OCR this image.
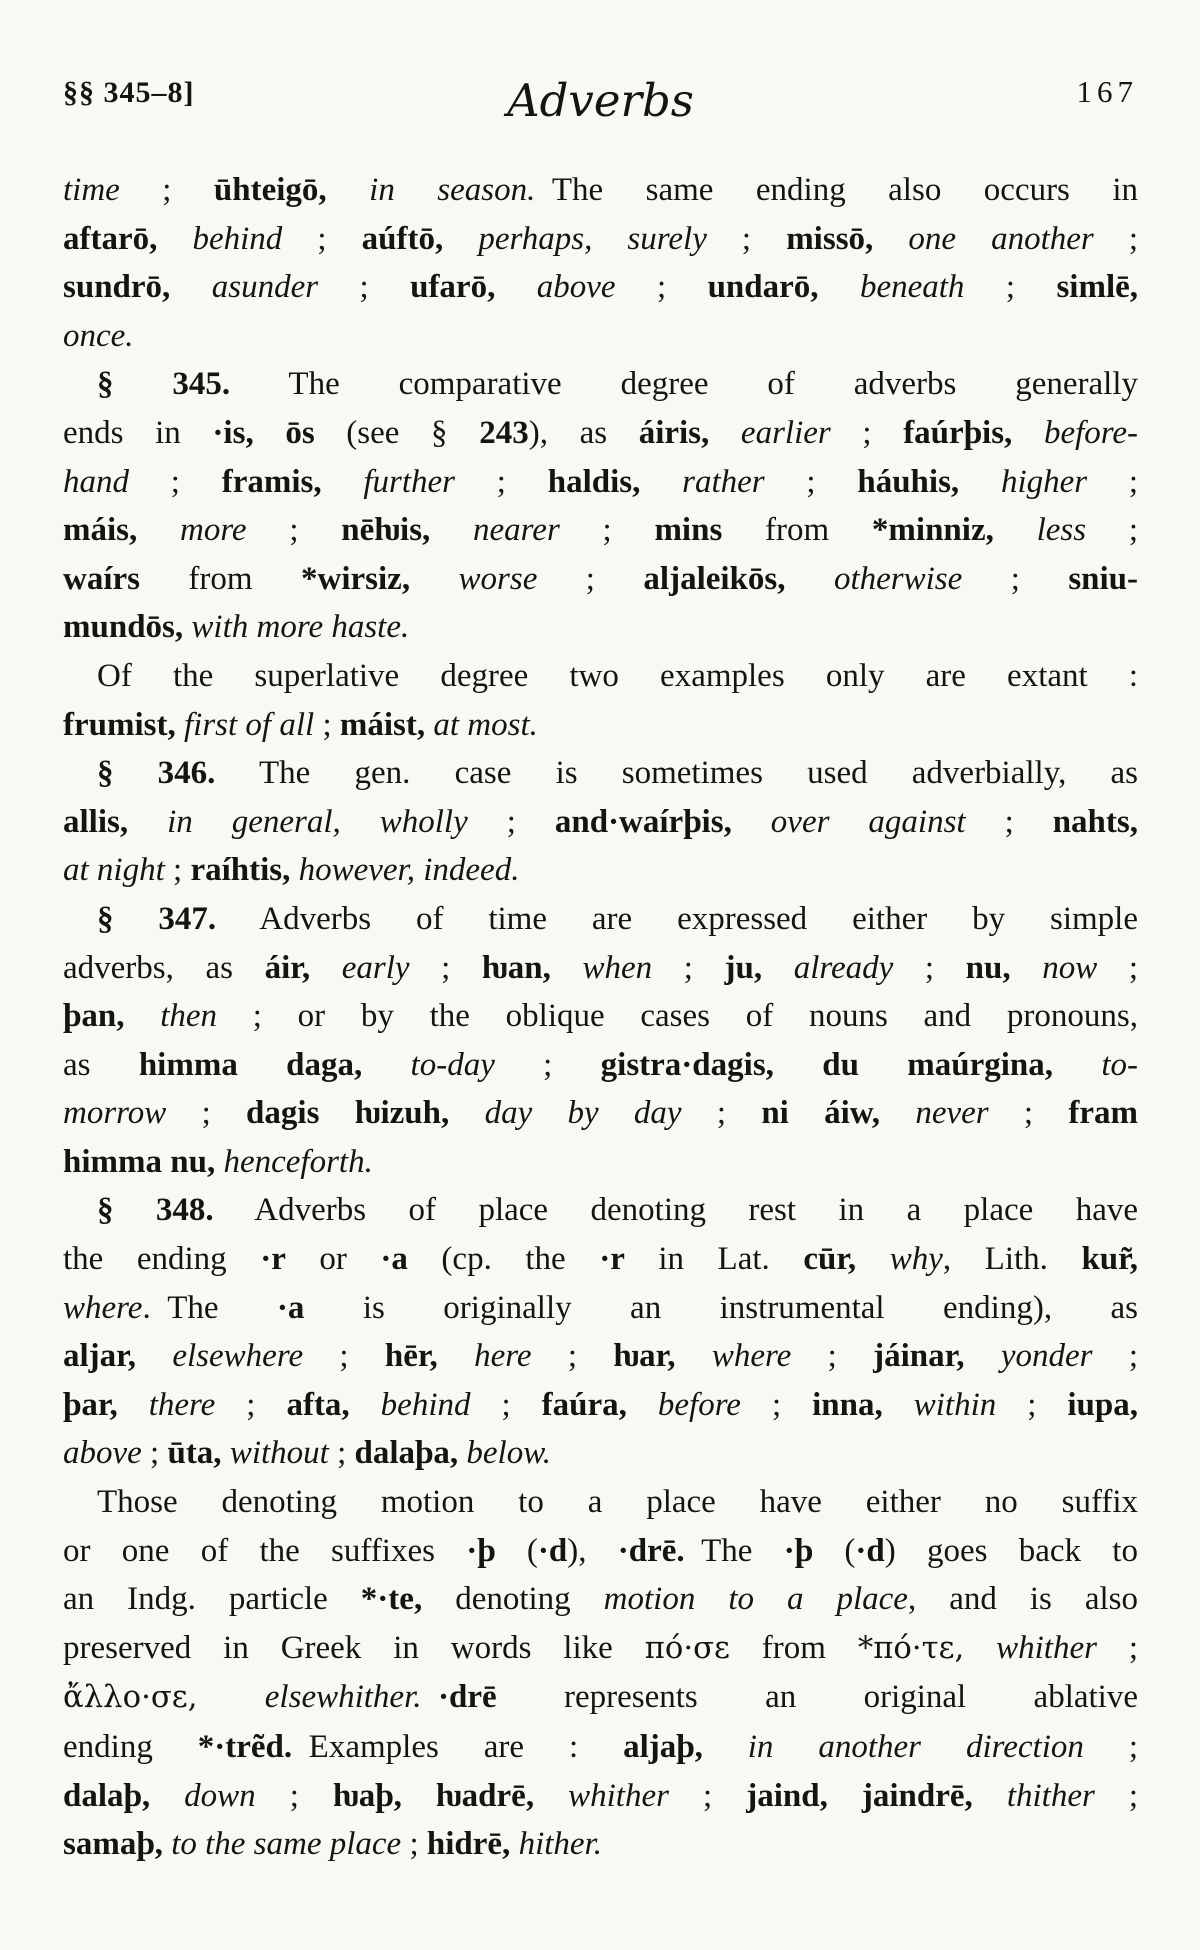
§§ 345–8]	Adverbs	167
time ; ūhteigō, in season. The same ending also occurs in
aftarō, behind ; aúftō, perhaps, surely ; missō, one another ;
sundrō, asunder ; ufarō, above ; undarō, beneath ; simlē,
once.
§ 345. The comparative degree of adverbs generally
ends in ·is, ōs (see § 243), as áiris, earlier ; faúrþis, before-
hand ; framis, further ; haldis, rather ; háuhis, higher ;
máis, more ; nēƕis, nearer ; mins from *minniz, less ;
waírs from *wirsiz, worse ; aljaleikōs, otherwise ; sniu-
mundōs, with more haste.
Of the superlative degree two examples only are extant :
frumist, first of all ; máist, at most.
§ 346. The gen. case is sometimes used adverbially, as
allis, in general, wholly ; and·waírþis, over against ; nahts,
at night ; raíhtis, however, indeed.
§ 347. Adverbs of time are expressed either by simple
adverbs, as áir, early ; ƕan, when ; ju, already ; nu, now ;
þan, then ; or by the oblique cases of nouns and pronouns,
as himma daga, to-day ; gistra·dagis, du maúrgina, to-
morrow ; dagis ƕizuh, day by day ; ni áiw, never ; fram
himma nu, henceforth.
§ 348. Adverbs of place denoting rest in a place have
the ending ·r or ·a (cp. the ·r in Lat. cūr, why, Lith. kur̃,
where. The ·a is originally an instrumental ending), as
aljar, elsewhere ; hēr, here ; ƕar, where ; jáinar, yonder ;
þar, there ; afta, behind ; faúra, before ; inna, within ; iupa,
above ; ūta, without ; dalaþa, below.
Those denoting motion to a place have either no suffix
or one of the suffixes ·þ (·d), ·drē. The ·þ (·d) goes back to
an Indg. particle *·te, denoting motion to a place, and is also
preserved in Greek in words like πό·σε from *πό·τε, whither ;
ἄλλο·σε, elsewhither.  ·drē represents an original ablative
ending *·trẽd. Examples are : aljaþ, in another direction ;
dalaþ, down ; ƕaþ, ƕadrē, whither ; jaind, jaindrē, thither ;
samaþ, to the same place ; hidrē, hither.
